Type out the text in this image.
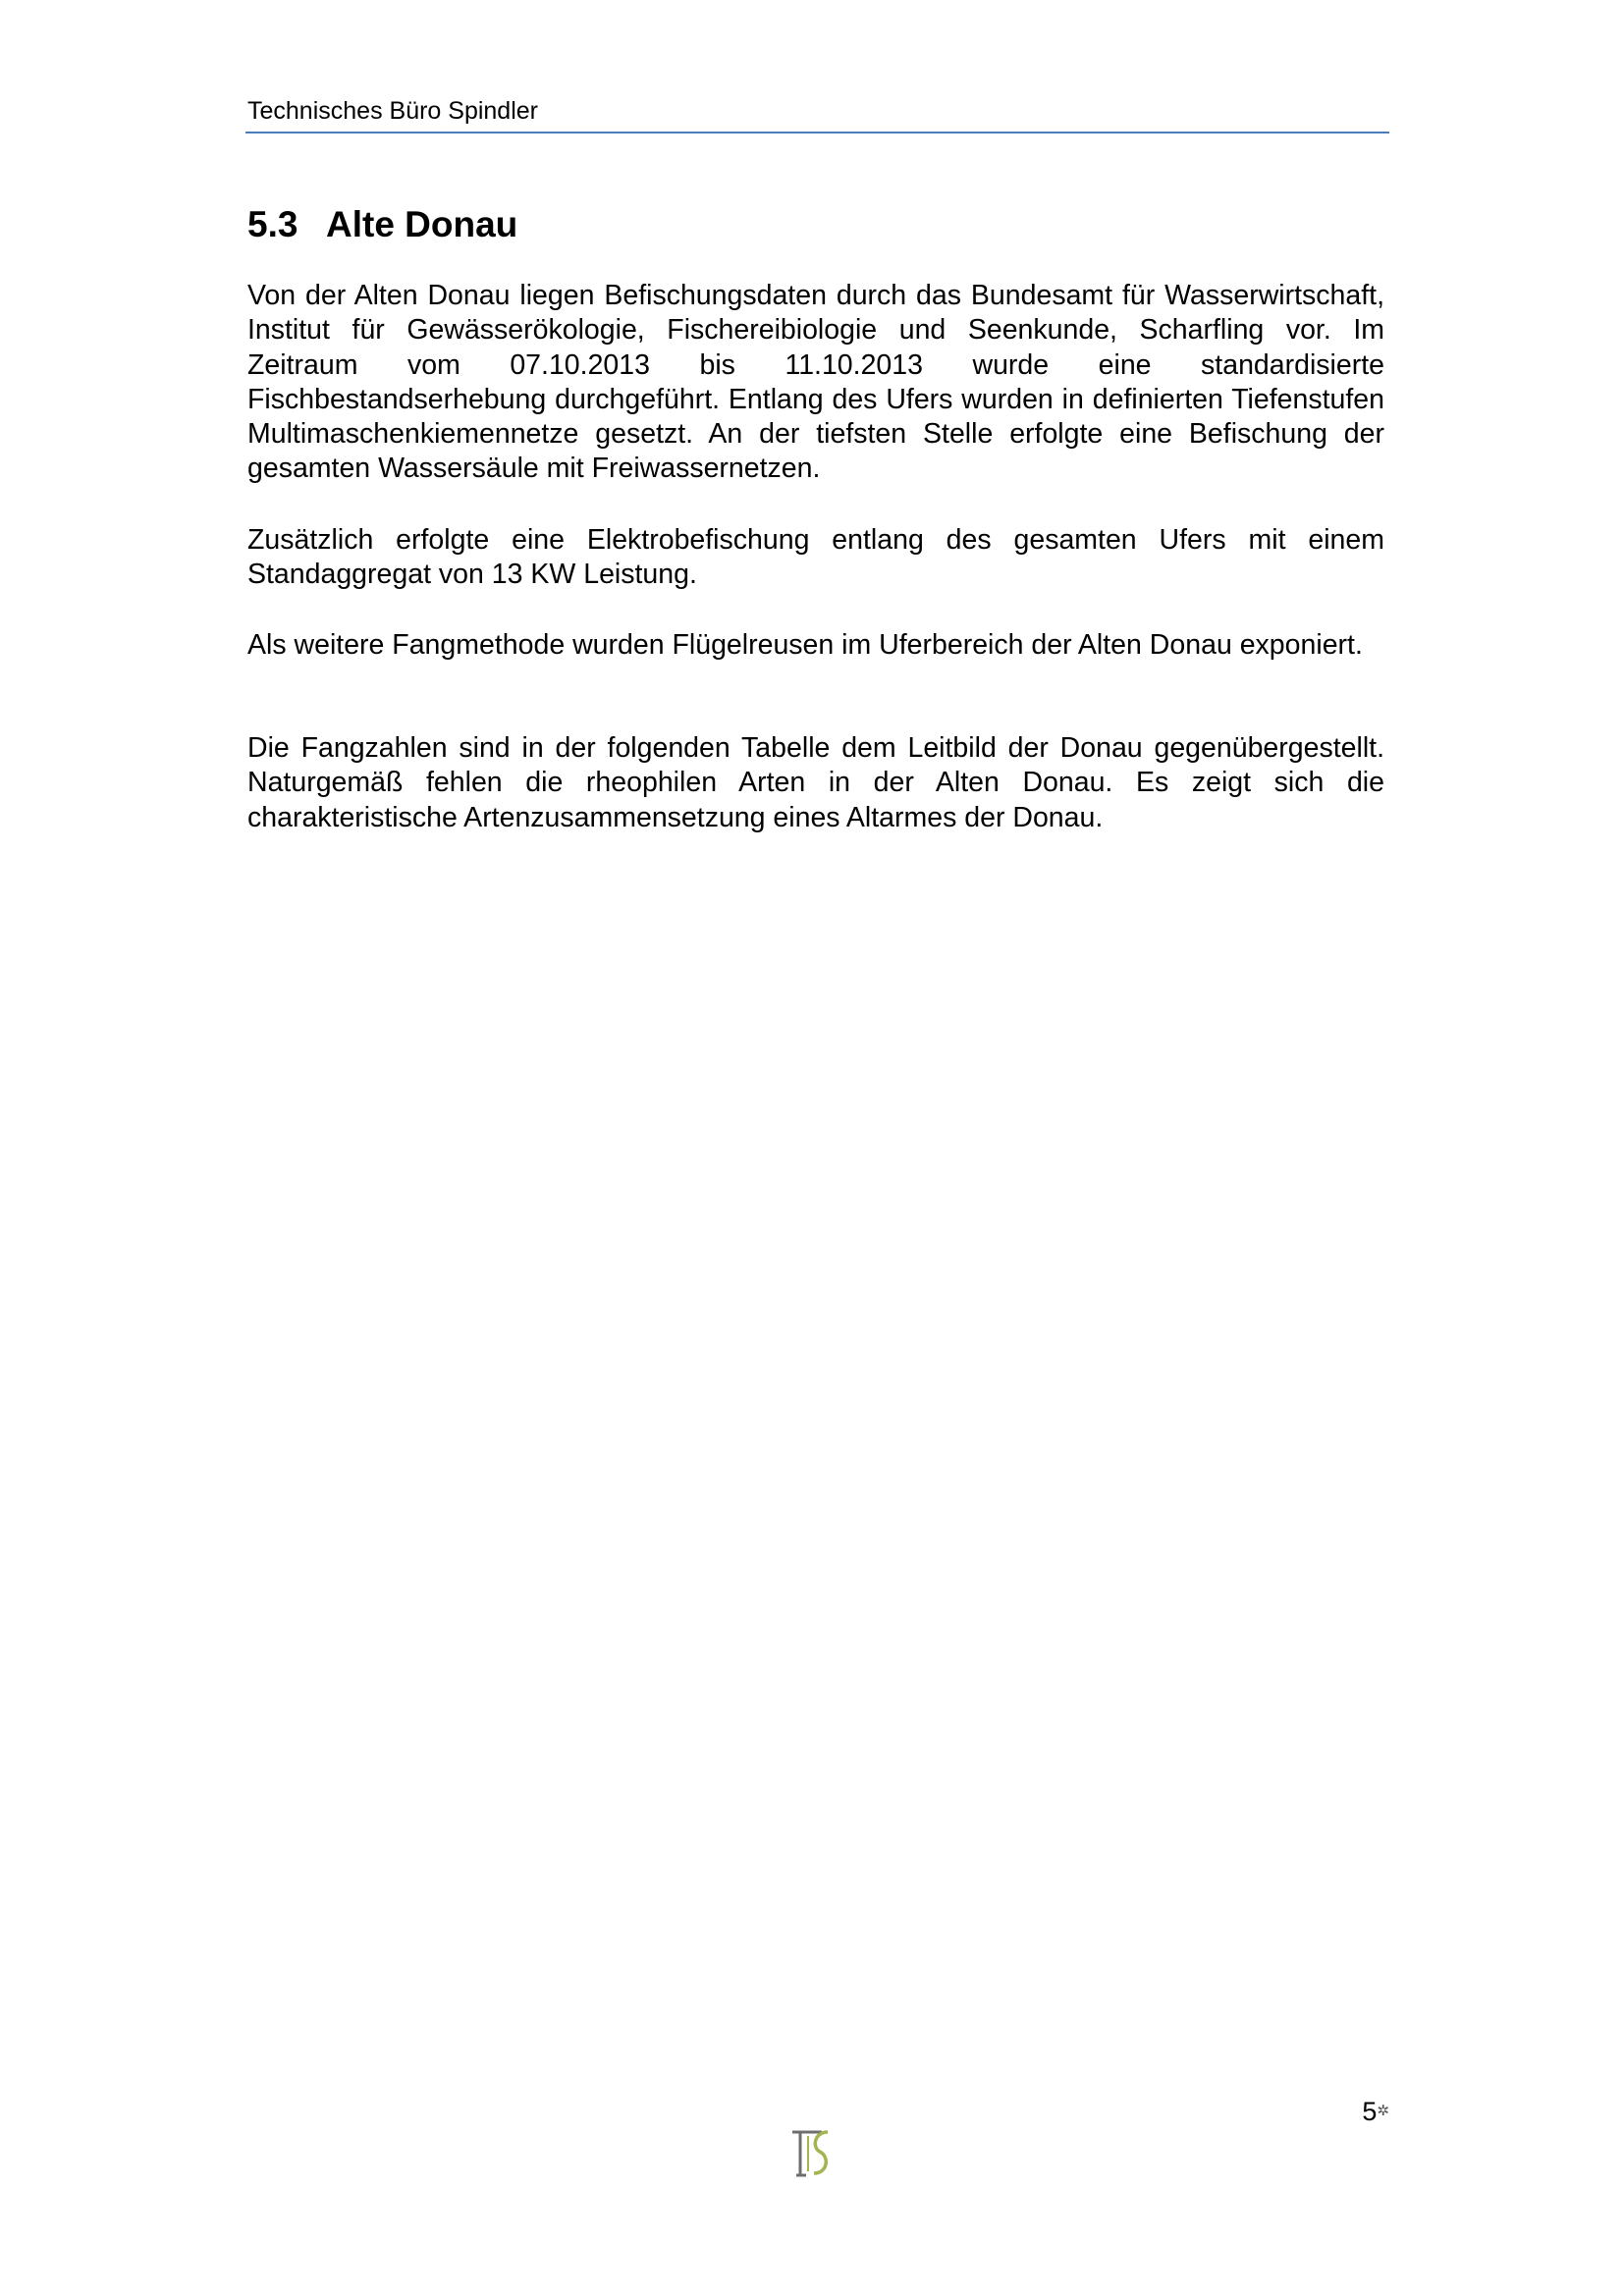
Technisches Büro Spindler
5.3 Alte Donau

Von der Alten Donau liegen Befischungsdaten durch das Bundesamt für Wasserwirtschaft, Institut für Gewässerökologie, Fischereibiologie und Seenkunde, Scharfling vor. Im Zeitraum vom 07.10.2013 bis 11.10.2013 wurde eine standardisierte Fischbestandserhebung durchgeführt. Entlang des Ufers wurden in definierten Tiefenstufen Multimaschenkiemennetze gesetzt. An der tiefsten Stelle erfolgte eine Befischung der gesamten Wassersäule mit Freiwassernetzen.

Zusätzlich erfolgte eine Elektrobefischung entlang des gesamten Ufers mit einem Standaggregat von 13 KW Leistung.

Als weitere Fangmethode wurden Flügelreusen im Uferbereich der Alten Donau exponiert.

Die Fangzahlen sind in der folgenden Tabelle dem Leitbild der Donau gegenübergestellt. Naturgemäß fehlen die rheophilen Arten in der Alten Donau. Es zeigt sich die charakteristische Artenzusammensetzung eines Altarmes der Donau.

5✲
